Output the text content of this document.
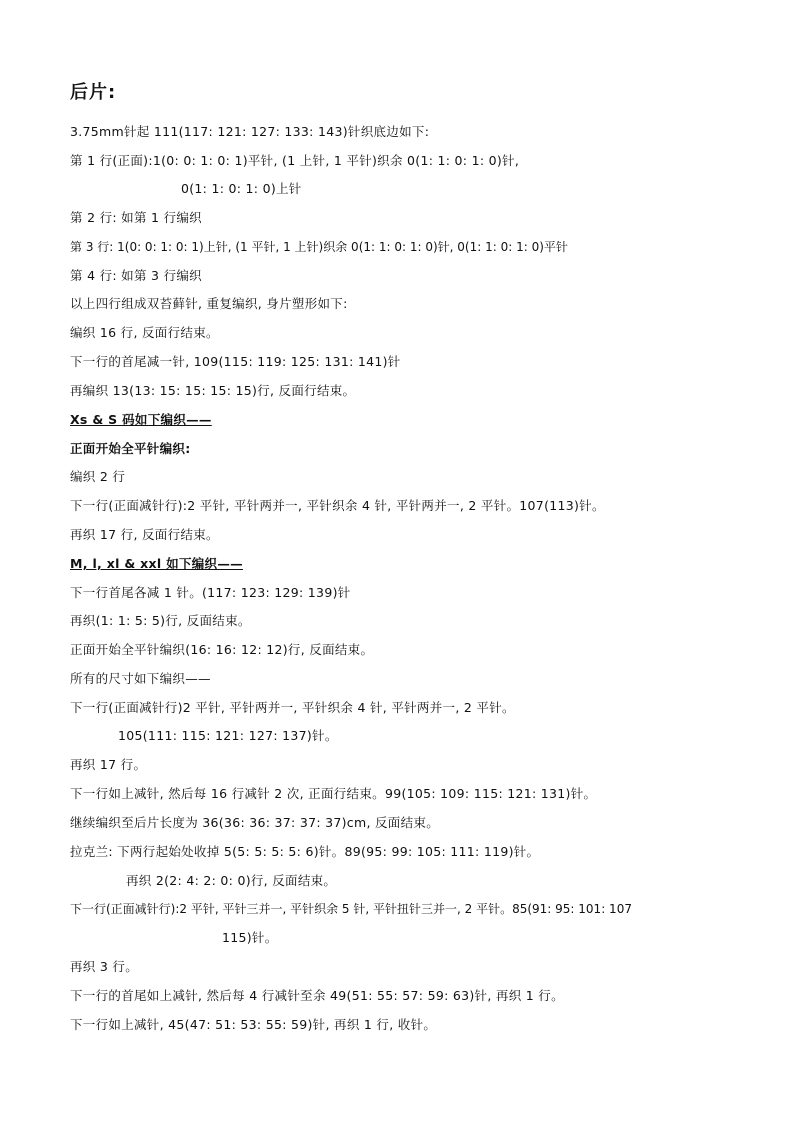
后片:
3.75mm针起 111(117: 121: 127: 133: 143)针织底边如下:
第 1 行(正面):1(0: 0: 1: 0: 1)平针, (1 上针, 1 平针)织余 0(1: 1: 0: 1: 0)针,
0(1: 1: 0: 1: 0)上针
第 2 行: 如第 1 行编织
第 3 行: 1(0: 0: 1: 0: 1)上针, (1 平针, 1 上针)织余 0(1: 1: 0: 1: 0)针, 0(1: 1: 0: 1: 0)平针
第 4 行: 如第 3 行编织
以上四行组成双苔藓针, 重复编织, 身片塑形如下:
编织 16 行, 反面行结束。
下一行的首尾减一针, 109(115: 119: 125: 131: 141)针
再编织 13(13: 15: 15: 15: 15)行, 反面行结束。
Xs & S 码如下编织——
正面开始全平针编织:
编织 2 行
下一行(正面减针行):2 平针, 平针两并一, 平针织余 4 针, 平针两并一, 2 平针。107(113)针。
再织 17 行, 反面行结束。
M, l, xl & xxl 如下编织——
下一行首尾各减 1 针。(117: 123: 129: 139)针
再织(1: 1: 5: 5)行, 反面结束。
正面开始全平针编织(16: 16: 12: 12)行, 反面结束。
所有的尺寸如下编织——
下一行(正面减针行)2 平针, 平针两并一, 平针织余 4 针, 平针两并一, 2 平针。
105(111: 115: 121: 127: 137)针。
再织 17 行。
下一行如上减针, 然后每 16 行减针 2 次, 正面行结束。99(105: 109: 115: 121: 131)针。
继续编织至后片长度为 36(36: 36: 37: 37: 37)cm, 反面结束。
拉克兰: 下两行起始处收掉 5(5: 5: 5: 5: 6)针。89(95: 99: 105: 111: 119)针。
再织 2(2: 4: 2: 0: 0)行, 反面结束。
下一行(正面减针行):2 平针, 平针三并一, 平针织余 5 针, 平针扭针三并一, 2 平针。85(91: 95: 101: 107
115)针。
再织 3 行。
下一行的首尾如上减针, 然后每 4 行减针至余 49(51: 55: 57: 59: 63)针, 再织 1 行。
下一行如上减针, 45(47: 51: 53: 55: 59)针, 再织 1 行, 收针。
